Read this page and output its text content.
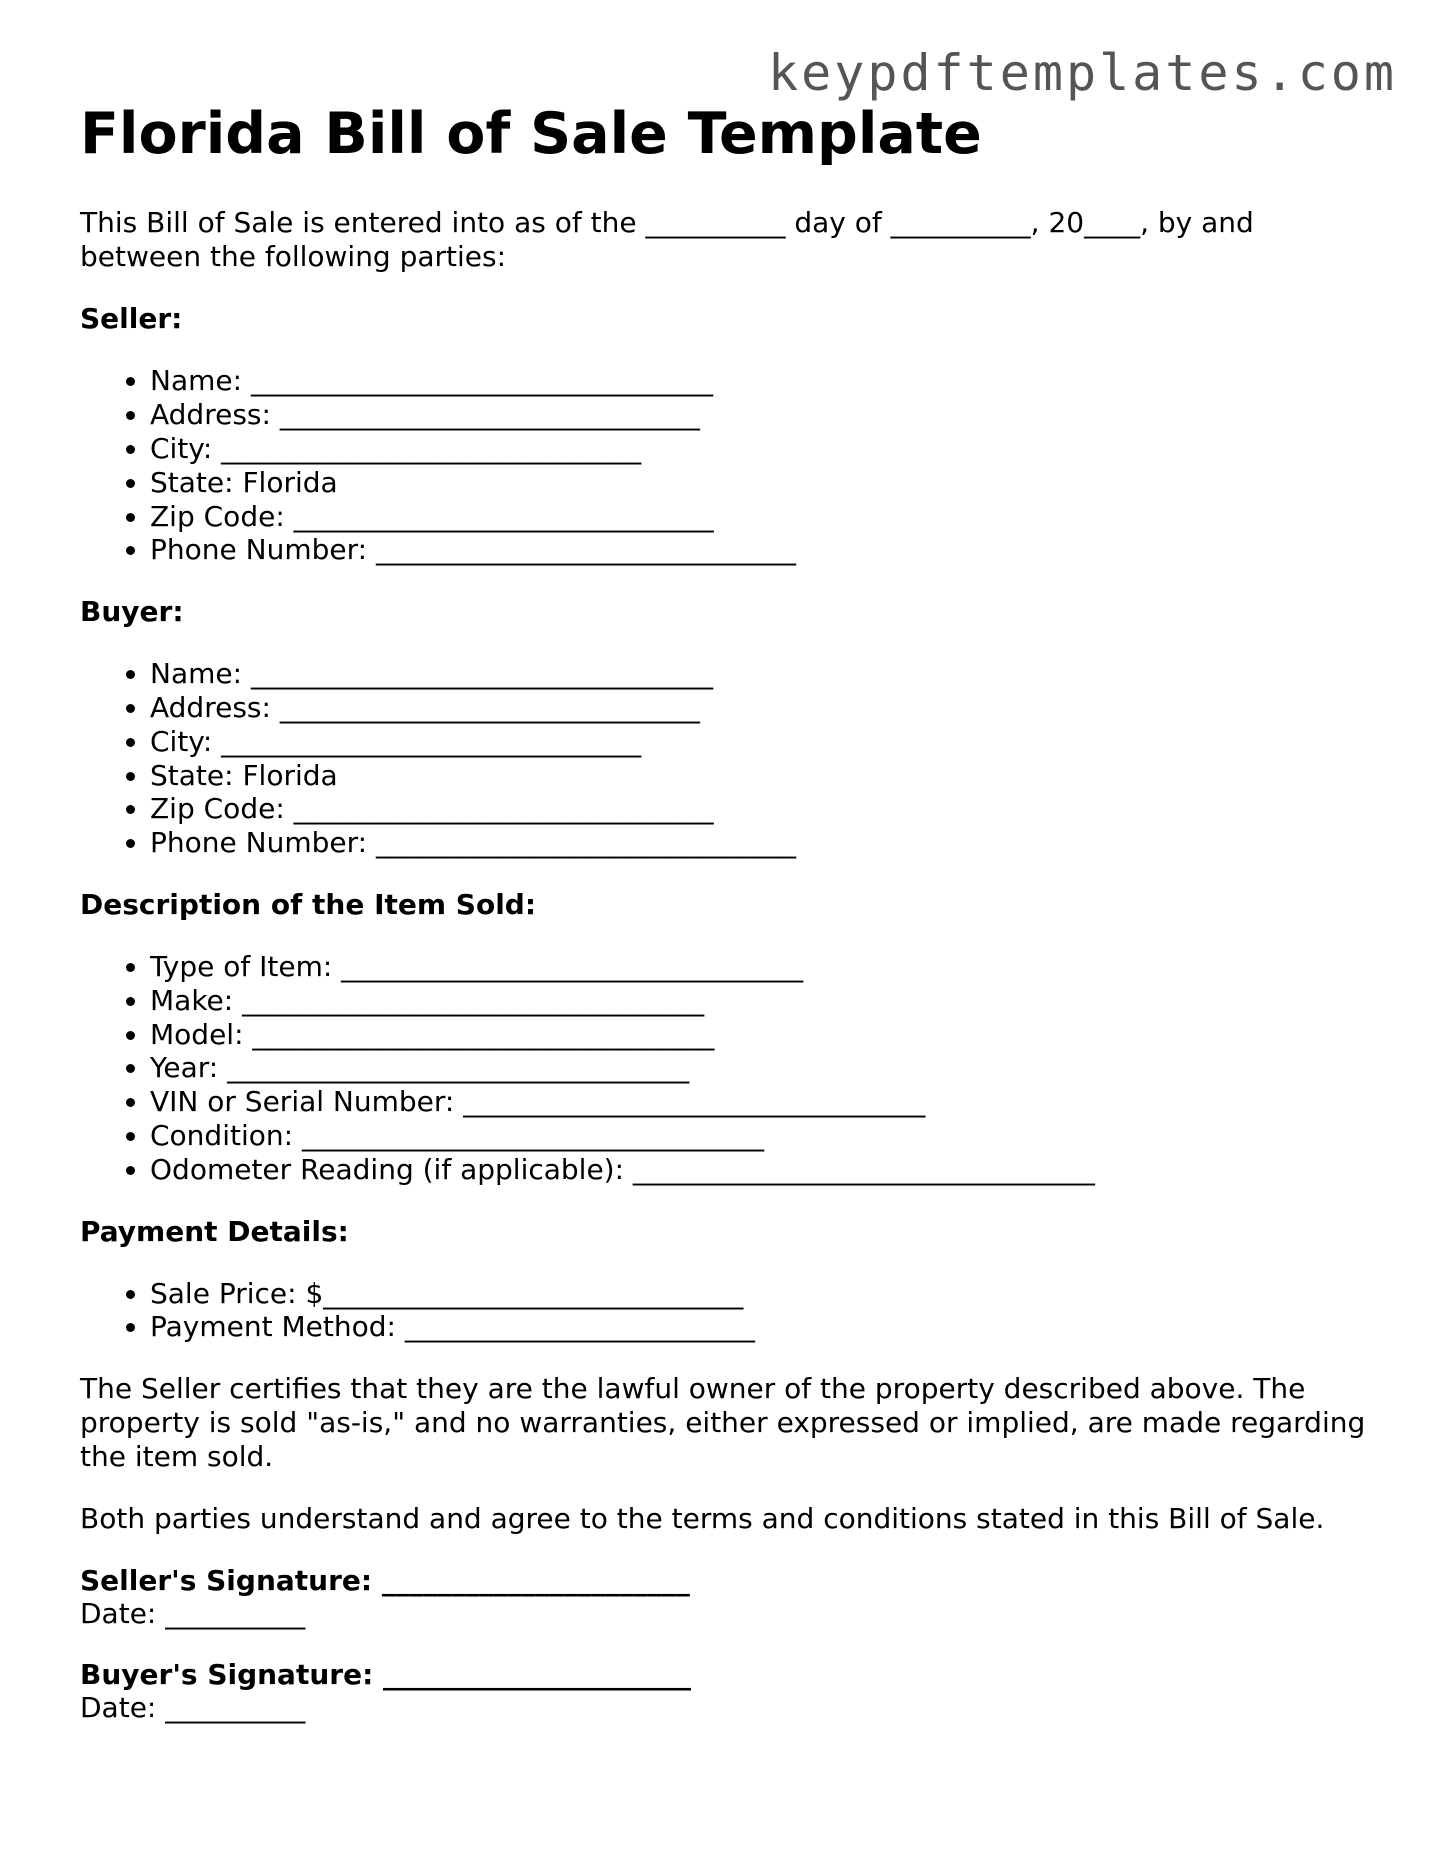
keypdftemplates.com
Florida Bill of Sale Template

This Bill of Sale is entered into as of the __________ day of __________, 20____, by and between the following parties:

Seller:
• Name: _________________________________
• Address: ______________________________
• City: ______________________________
• State: Florida
• Zip Code: ______________________________
• Phone Number: ______________________________
Buyer:
• Name: _________________________________
• Address: ______________________________
• City: ______________________________
• State: Florida
• Zip Code: ______________________________
• Phone Number: ______________________________
Description of the Item Sold:
• Type of Item: _________________________________
• Make: _________________________________
• Model: _________________________________
• Year: _________________________________
• VIN or Serial Number: _________________________________
• Condition: _________________________________
• Odometer Reading (if applicable): _________________________________
Payment Details:
• Sale Price: $______________________________
• Payment Method: _________________________

The Seller certifies that they are the lawful owner of the property described above. The property is sold "as-is," and no warranties, either expressed or implied, are made regarding the item sold.

Both parties understand and agree to the terms and conditions stated in this Bill of Sale.

Seller's Signature: ______________________
Date: __________
Buyer's Signature: ______________________
Date: __________
